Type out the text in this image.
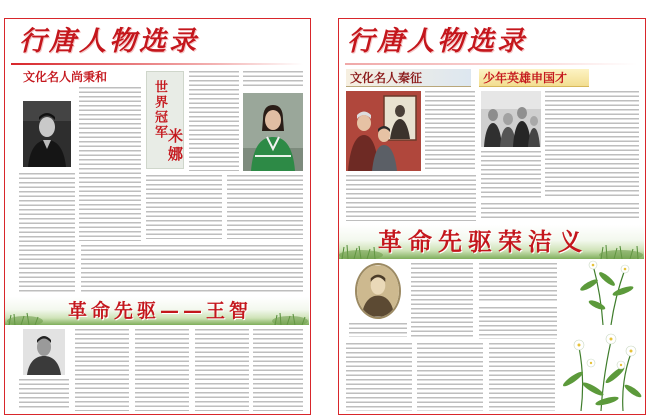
行唐人物选录
文化名人尚秉和
世界冠军
米娜
革命先驱——王智
行唐人物选录
文化名人秦征	少年英雄申国才
革命先驱荣洁义
